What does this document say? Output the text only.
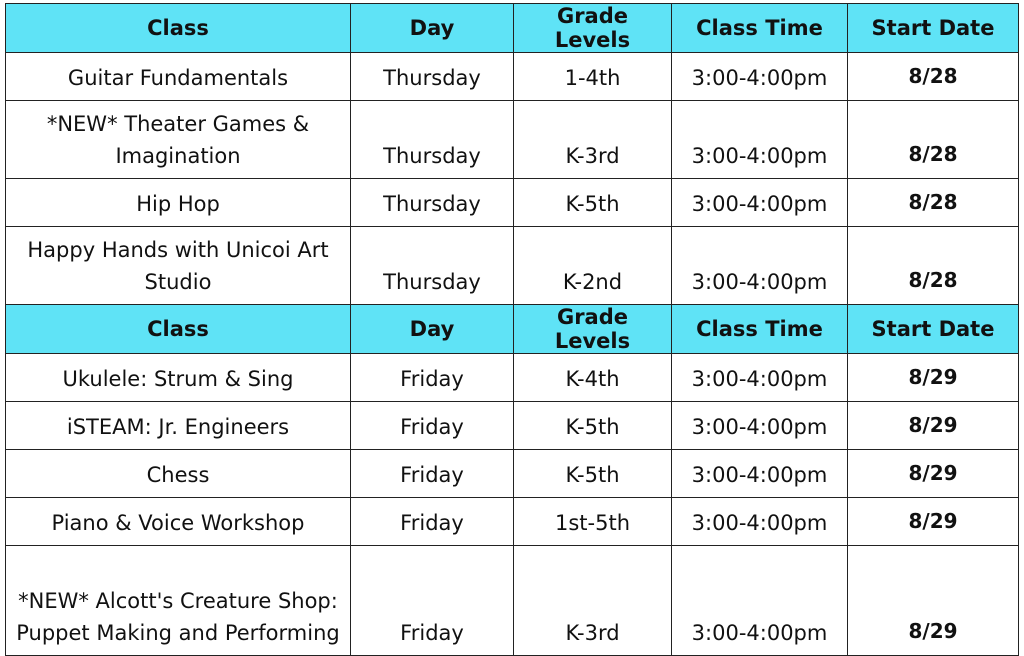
Class	Day	Grade Levels	Class Time	Start Date
Guitar Fundamentals	Thursday	1-4th	3:00-4:00pm	8/28
*NEW* Theater Games & Imagination	Thursday	K-3rd	3:00-4:00pm	8/28
Hip Hop	Thursday	K-5th	3:00-4:00pm	8/28
Happy Hands with Unicoi Art Studio	Thursday	K-2nd	3:00-4:00pm	8/28
Class	Day	Grade Levels	Class Time	Start Date
Ukulele: Strum & Sing	Friday	K-4th	3:00-4:00pm	8/29
iSTEAM: Jr. Engineers	Friday	K-5th	3:00-4:00pm	8/29
Chess	Friday	K-5th	3:00-4:00pm	8/29
Piano & Voice Workshop	Friday	1st-5th	3:00-4:00pm	8/29
*NEW* Alcott's Creature Shop: Puppet Making and Performing	Friday	K-3rd	3:00-4:00pm	8/29
